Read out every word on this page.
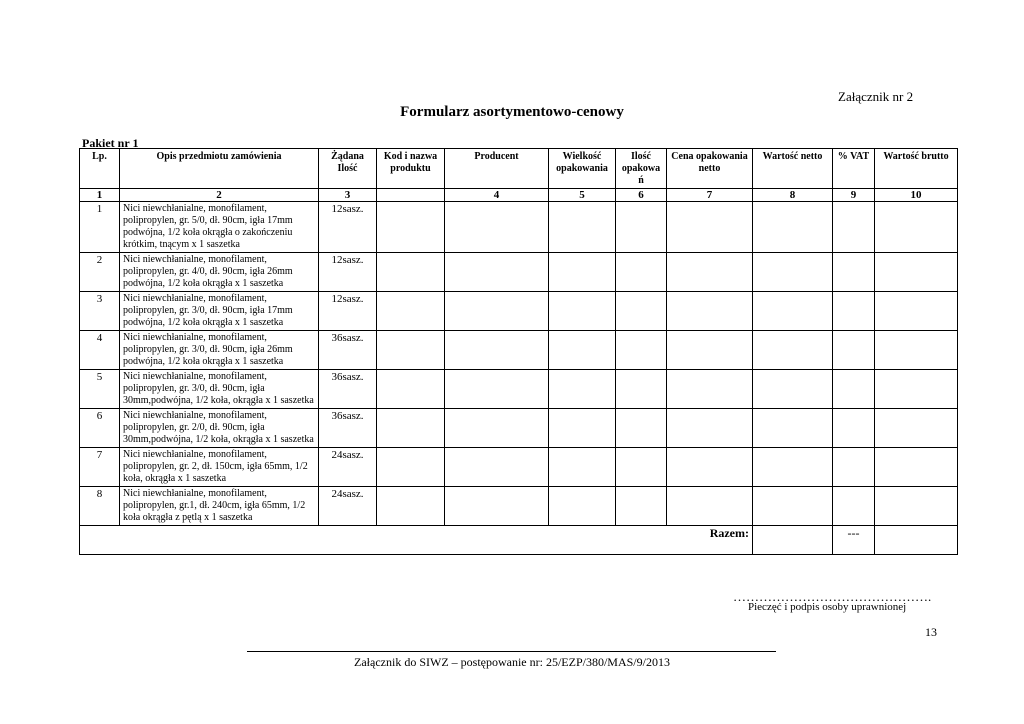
Załącznik nr 2
Formularz asortymentowo-cenowy
Pakiet nr 1
Lp.	Opis przedmiotu zamówienia	Żądana Ilość	Kod i nazwa produktu	Producent	Wielkość opakowania	Ilość opakowa ń	Cena opakowania netto	Wartość netto	% VAT	Wartość brutto
1	2	3		4	5	6	7	8	9	10
1	Nici niewchłanialne, monofilament, polipropylen, gr. 5/0, dł. 90cm, igła 17mm podwójna, 1/2 koła okrągła o zakończeniu krótkim, tnącym x 1 saszetka	12sasz.								
2	Nici niewchłanialne, monofilament, polipropylen, gr. 4/0, dł. 90cm, igła 26mm podwójna, 1/2 koła okrągła x 1 saszetka	12sasz.								
3	Nici niewchłanialne, monofilament, polipropylen, gr. 3/0, dł. 90cm, igła 17mm podwójna, 1/2 koła okrągła x 1 saszetka	12sasz.								
4	Nici niewchłanialne, monofilament, polipropylen, gr. 3/0, dł. 90cm, igła 26mm podwójna, 1/2 koła okrągła x 1 saszetka	36sasz.								
5	Nici niewchłanialne, monofilament, polipropylen, gr. 3/0, dł. 90cm, igła 30mm,podwójna, 1/2 koła, okrągła x 1 saszetka	36sasz.								
6	Nici niewchłanialne, monofilament, polipropylen, gr. 2/0, dł. 90cm, igła 30mm,podwójna, 1/2 koła, okrągła x 1 saszetka	36sasz.								
7	Nici niewchłanialne, monofilament, polipropylen, gr. 2, dł. 150cm, igła 65mm, 1/2 koła, okrągła x 1 saszetka	24sasz.								
8	Nici niewchłanialne, monofilament, polipropylen, gr.1, dł. 240cm, igła 65mm, 1/2 koła okrągła z pętlą x 1 saszetka	24sasz.								
Razem:									---	
……………………………………….
Pieczęć i podpis osoby uprawnionej
13
Załącznik do SIWZ – postępowanie nr: 25/EZP/380/MAS/9/2013
